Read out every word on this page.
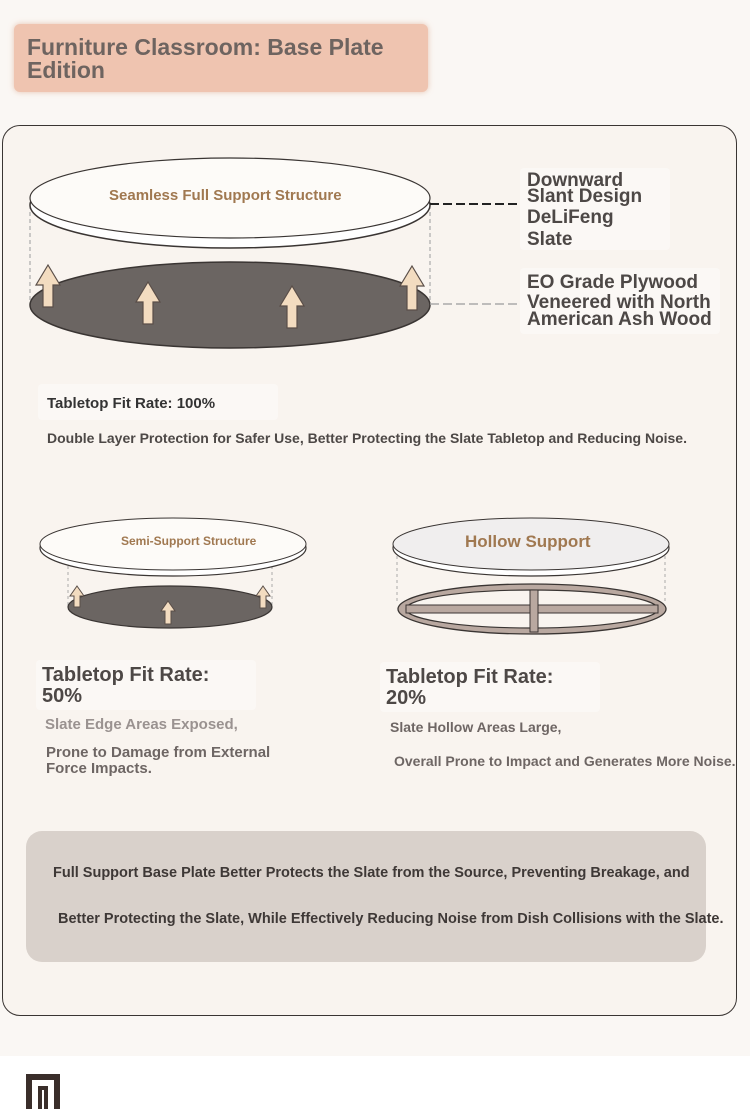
Furniture Classroom: Base Plate Edition
Seamless Full Support Structure
Semi-Support Structure	Hollow Support
Downward
Slant Design
DeLiFeng
Slate
EO Grade Plywood
Veneered with North
American Ash Wood
Tabletop Fit Rate: 100%
Double Layer Protection for Safer Use, Better Protecting the Slate Tabletop and Reducing Noise.
Tabletop Fit Rate:
50%
Slate Edge Areas Exposed,
Prone to Damage from External
Force Impacts.
Tabletop Fit Rate:
20%
Slate Hollow Areas Large,
Overall Prone to Impact and Generates More Noise.
Full Support Base Plate Better Protects the Slate from the Source, Preventing Breakage, and
Better Protecting the Slate, While Effectively Reducing Noise from Dish Collisions with the Slate.
